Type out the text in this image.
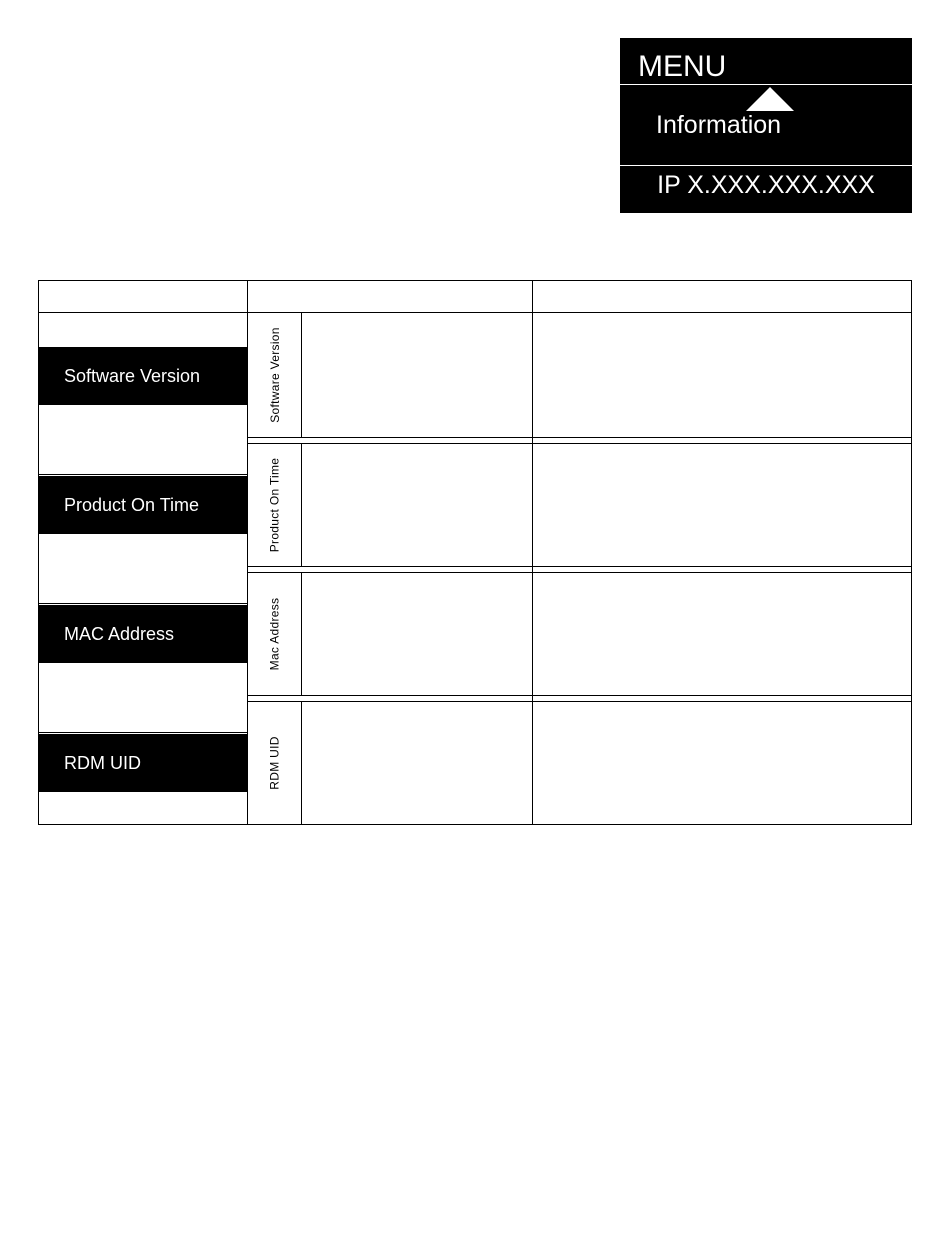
MENU
Information
IP X.XXX.XXX.XXX
Software Version
Product On Time
MAC Address
RDM UID
Software Version
Product On Time
Mac Address
RDM UID
